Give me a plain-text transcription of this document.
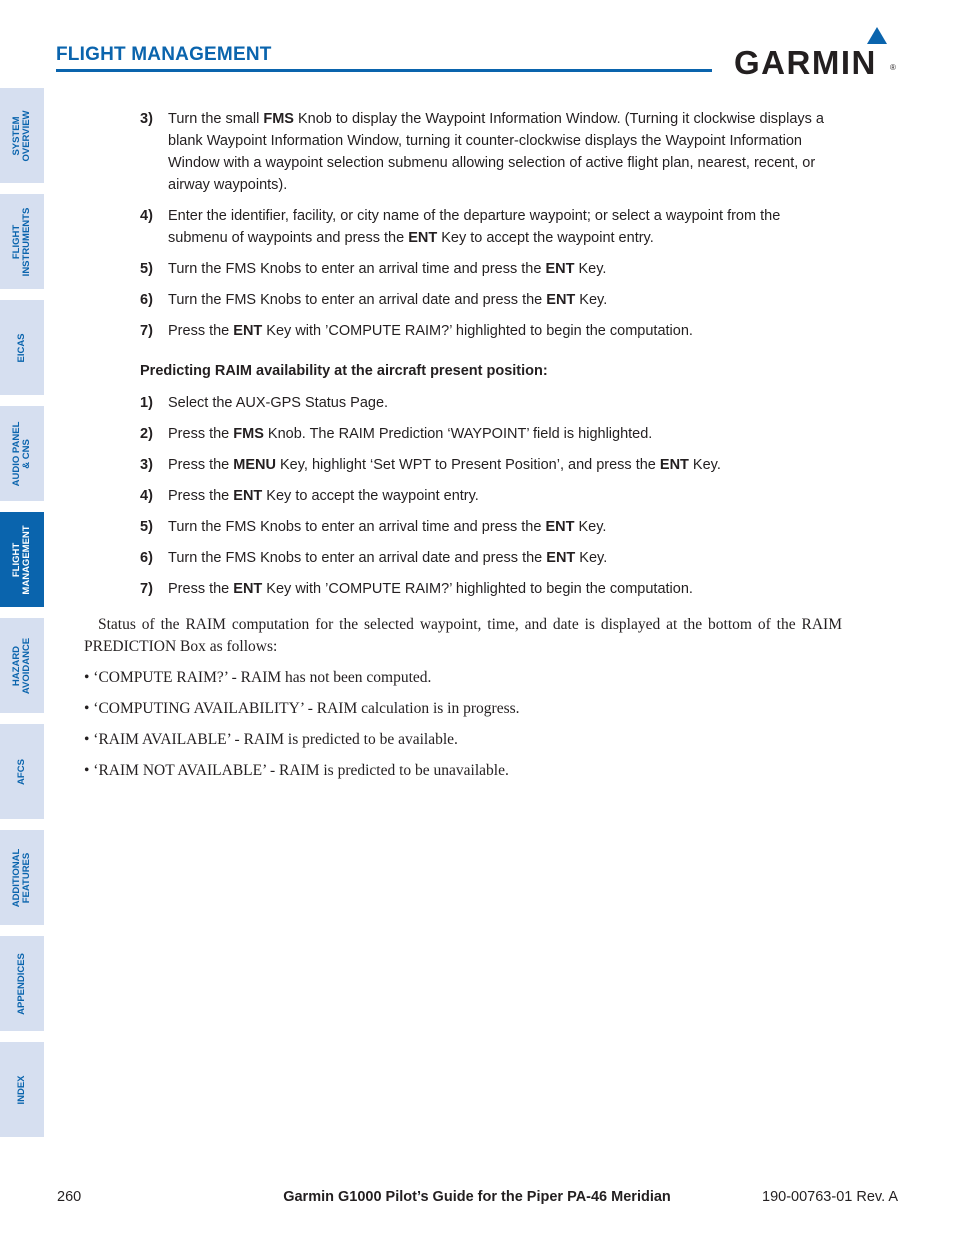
FLIGHT MANAGEMENT	GARMIN ®
SYSTEM
OVERVIEW
FLIGHT
INSTRUMENTS
EICAS
AUDIO PANEL
& CNS
FLIGHT
MANAGEMENT
HAZARD
AVOIDANCE
AFCS
ADDITIONAL
FEATURES
APPENDICES
INDEX
3) Turn the small FMS Knob to display the Waypoint Information Window. (Turning it clockwise displays a blank Waypoint Information Window, turning it counter-clockwise displays the Waypoint Information Window with a waypoint selection submenu allowing selection of active flight plan, nearest, recent, or airway waypoints).
4) Enter the identifier, facility, or city name of the departure waypoint; or select a waypoint from the submenu of waypoints and press the ENT Key to accept the waypoint entry.
5) Turn the FMS Knobs to enter an arrival time and press the ENT Key.
6) Turn the FMS Knobs to enter an arrival date and press the ENT Key.
7) Press the ENT Key with ’COMPUTE RAIM?’ highlighted to begin the computation.
Predicting RAIM availability at the aircraft present position:
1) Select the AUX-GPS Status Page.
2) Press the FMS Knob. The RAIM Prediction ‘WAYPOINT’ field is highlighted.
3) Press the MENU Key, highlight ‘Set WPT to Present Position’, and press the ENT Key.
4) Press the ENT Key to accept the waypoint entry.
5) Turn the FMS Knobs to enter an arrival time and press the ENT Key.
6) Turn the FMS Knobs to enter an arrival date and press the ENT Key.
7) Press the ENT Key with ’COMPUTE RAIM?’ highlighted to begin the computation.
Status of the RAIM computation for the selected waypoint, time, and date is displayed at the bottom of the RAIM PREDICTION Box as follows:
• ‘COMPUTE RAIM?’ - RAIM has not been computed.
• ‘COMPUTING AVAILABILITY’ - RAIM calculation is in progress.
• ‘RAIM AVAILABLE’ - RAIM is predicted to be available.
• ‘RAIM NOT AVAILABLE’ - RAIM is predicted to be unavailable.
260	Garmin G1000 Pilot’s Guide for the Piper PA-46 Meridian	190-00763-01 Rev. A
